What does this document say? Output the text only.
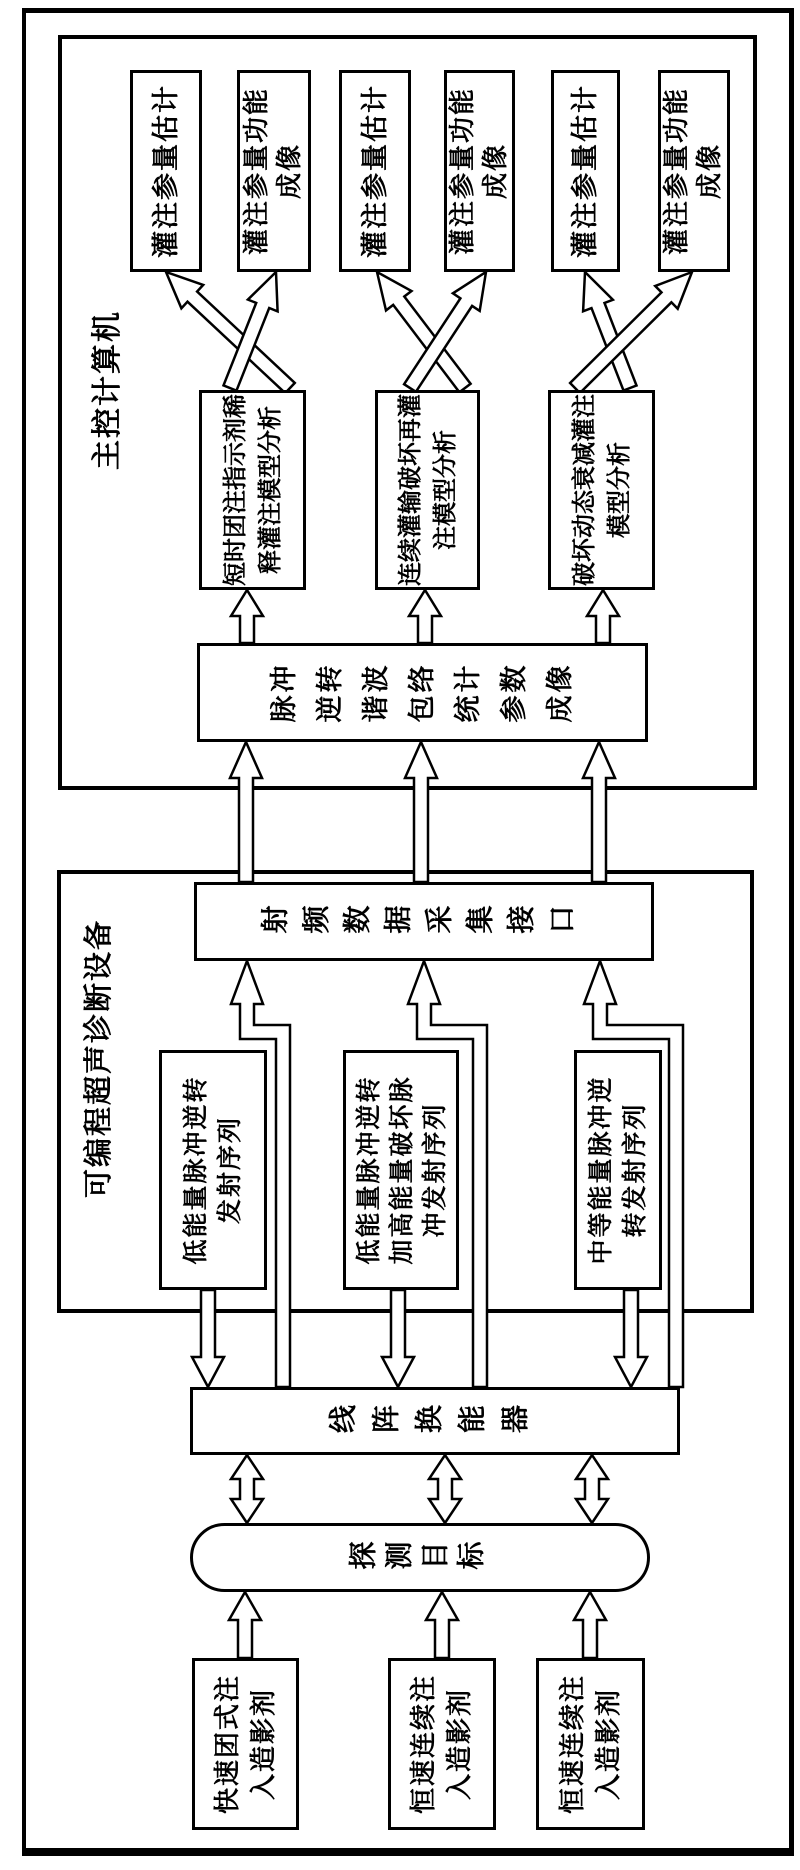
主控计算机
可编程超声诊断设备
快速团式注 入造影剂	恒速连续注 入造影剂	恒速连续注 入造影剂
探测目标
线阵换能器
低能量脉冲逆转 发射序列	低能量脉冲逆转 加高能量破坏脉 冲发射序列	中等能量脉冲逆 转发射序列
射频数据采集接口
脉冲 逆转 谐波 包络 统计 参数 成像
短时团注指示剂稀 释灌注模型分析	连续灌输破坏再灌 注模型分析	破坏动态衰减灌注 模型分析
灌注参量估计 灌注参量功能 成像 灌注参量估计 灌注参量功能 成像 灌注参量估计 灌注参量功能 成像
